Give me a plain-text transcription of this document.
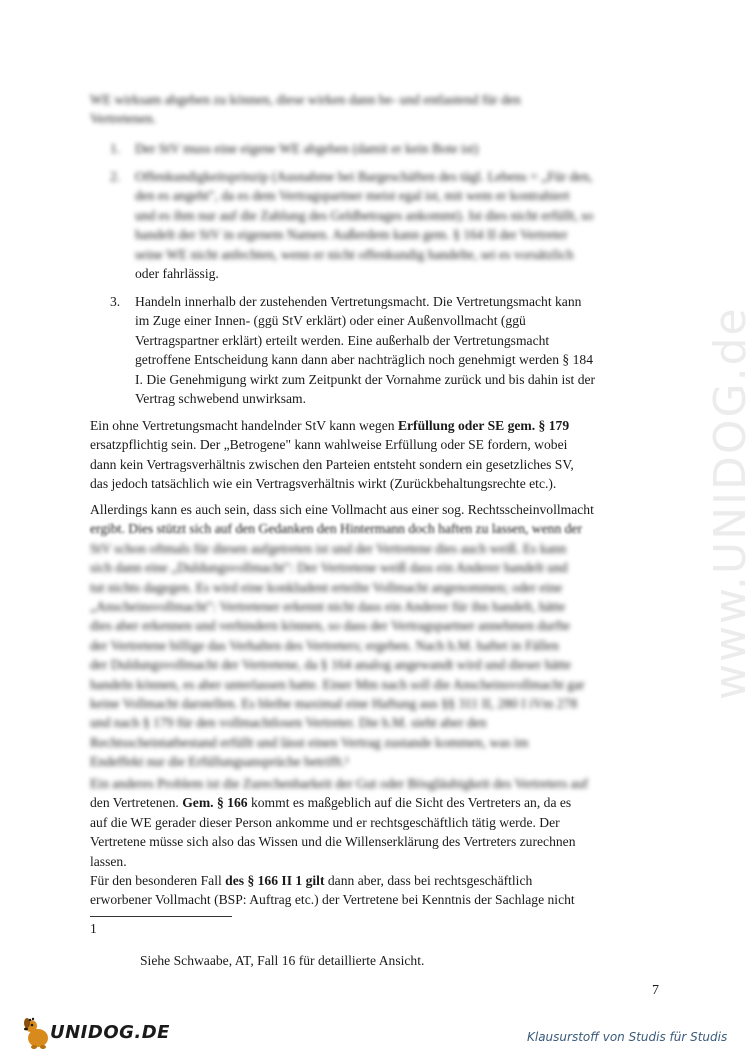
www.UNIDOG.de
WE wirksam abgeben zu können, diese wirken dann be- und entlastend für den
Vertretenen.
1. Der StV muss eine eigene WE abgeben (damit er kein Bote ist)
2. Offenkundigkeitsprinzip (Ausnahme bei Bargeschäften des tägl. Lebens = „Für den,
den es angeht", da es dem Vertragspartner meist egal ist, mit wem er kontrahiert
und es ihm nur auf die Zahlung des Geldbetrages ankommt). Ist dies nicht erfüllt, so
handelt der StV in eigenem Namen. Außerdem kann gem. § 164 II der Vertreter
seine WE nicht anfechten, wenn er nicht offenkundig handelte, sei es vorsätzlich
oder fahrlässig.
3. Handeln innerhalb der zustehenden Vertretungsmacht. Die Vertretungsmacht kann
im Zuge einer Innen- (ggü StV erklärt) oder einer Außenvollmacht (ggü
Vertragspartner erklärt) erteilt werden. Eine außerhalb der Vertretungsmacht
getroffene Entscheidung kann dann aber nachträglich noch genehmigt werden § 184
I. Die Genehmigung wirkt zum Zeitpunkt der Vornahme zurück und bis dahin ist der
Vertrag schwebend unwirksam.
Ein ohne Vertretungsmacht handelnder StV kann wegen Erfüllung oder SE gem. § 179
ersatzpflichtig sein. Der „Betrogene" kann wahlweise Erfüllung oder SE fordern, wobei
dann kein Vertragsverhältnis zwischen den Parteien entsteht sondern ein gesetzliches SV,
das jedoch tatsächlich wie ein Vertragsverhältnis wirkt (Zurückbehaltungsrechte etc.).
Allerdings kann es auch sein, dass sich eine Vollmacht aus einer sog. Rechtsscheinvollmacht
ergibt. Dies stützt sich auf den Gedanken den Hintermann doch haften zu lassen, wenn der
StV schon oftmals für diesen aufgetreten ist und der Vertretene dies auch weiß. Es kann
sich dann eine „Duldungsvollmacht": Der Vertretene weiß dass ein Anderer handelt und
tut nichts dagegen. Es wird eine konkludent erteilte Vollmacht angenommen; oder eine
„Anscheinsvollmacht": Vertretener erkennt nicht dass ein Anderer für ihn handelt, hätte
dies aber erkennen und verhindern können, so dass der Vertragspartner annehmen durfte
der Vertretene billige das Verhalten des Vertreters; ergeben. Nach h.M. haftet in Fällen
der Duldungsvollmacht der Vertretene, da § 164 analog angewandt wird und dieser hätte
handeln können, es aber unterlassen hatte. Einer Mm nach soll die Anscheinsvollmacht gar
keine Vollmacht darstellen. Es bleibe maximal eine Haftung aus §§ 311 II, 280 I iVm 278
und nach § 179 für den vollmachtlosen Vertreter. Die h.M. sieht aber den
Rechtsscheintatbestand erfüllt und lässt einen Vertrag zustande kommen, was im
Endeffekt nur die Erfüllungsansprüche betrifft.¹
Ein anderes Problem ist die Zurechenbarkeit der Gut oder Bösgläubigkeit des Vertreters auf
den Vertretenen. Gem. § 166 kommt es maßgeblich auf die Sicht des Vertreters an, da es
auf die WE gerader dieser Person ankomme und er rechtsgeschäftlich tätig werde. Der
Vertretene müsse sich also das Wissen und die Willenserklärung des Vertreters zurechnen
lassen.
Für den besonderen Fall des § 166 II 1 gilt dann aber, dass bei rechtsgeschäftlich
erworbener Vollmacht (BSP: Auftrag etc.) der Vertretene bei Kenntnis der Sachlage nicht
1
Siehe Schwaabe, AT, Fall 16 für detaillierte Ansicht.
7
UNIDOG.DE	Klausurstoff von Studis für Studis
